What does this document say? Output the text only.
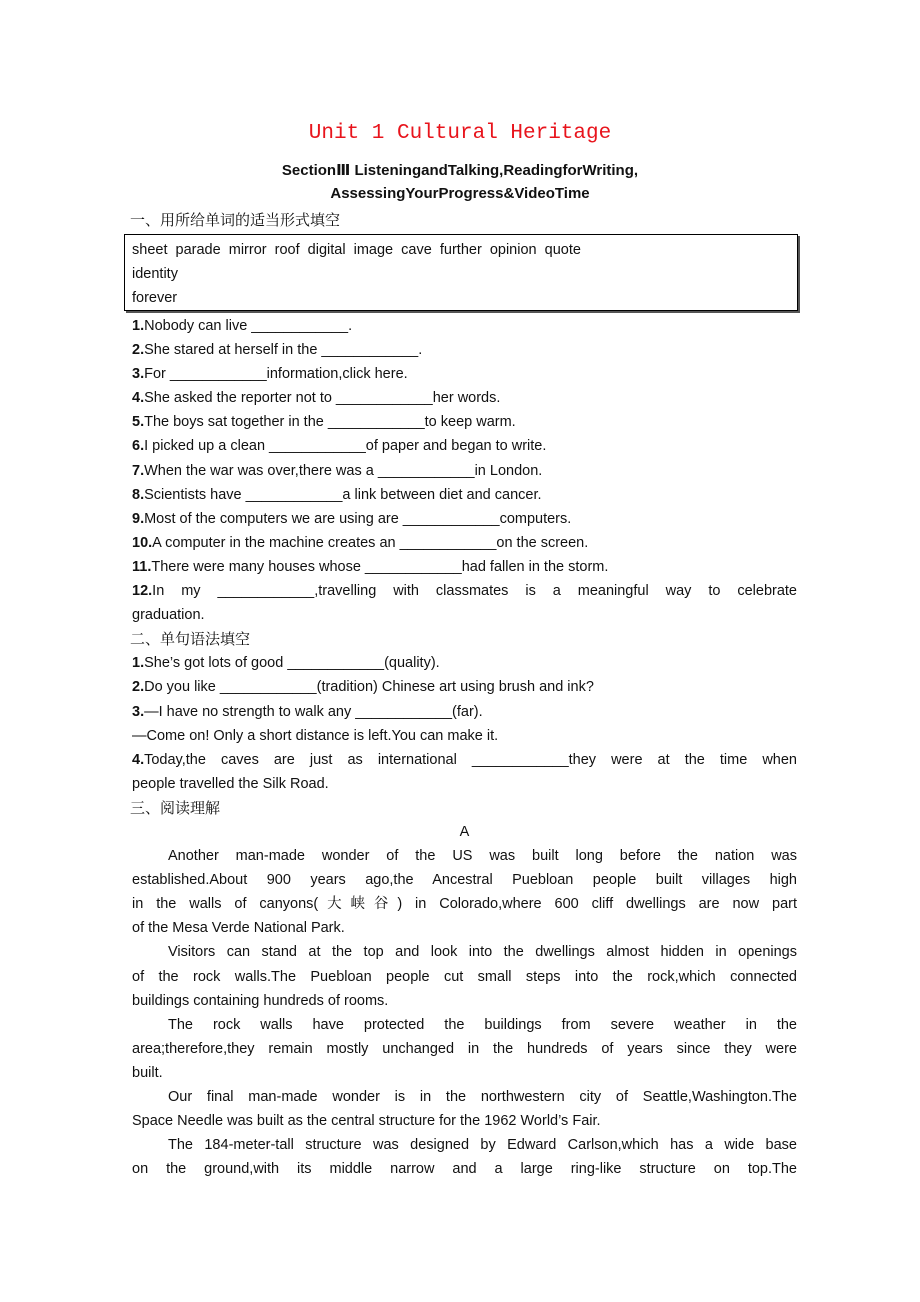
Unit 1 Cultural Heritage
SectionⅢ ListeningandTalking,ReadingforWriting,
AssessingYourProgress&VideoTime
一、用所给单词的适当形式填空
sheet  parade  mirror  roof  digital  image  cave  further  opinion  quote
identity
forever
1.Nobody can live ____________.
2.She stared at herself in the ____________.
3.For ____________information,click here.
4.She asked the reporter not to ____________her words.
5.The boys sat together in the ____________to keep warm.
6.I picked up a clean ____________of paper and began to write.
7.When the war was over,there was a ____________in London.
8.Scientists have ____________a link between diet and cancer.
9.Most of the computers we are using are ____________computers.
10.A computer in the machine creates an ____________on the screen.
11.There were many houses whose ____________had fallen in the storm.
12.In my ____________,travelling with classmates is a meaningful way to celebrate
graduation.
二、单句语法填空
1.She’s got lots of good ____________(quality).
2.Do you like ____________(tradition) Chinese art using brush and ink?
3.—I have no strength to walk any ____________(far).
—Come on! Only a short distance is left.You can make it.
4.Today,the caves are just as international ____________they were at the time when
people travelled the Silk Road.
三、阅读理解
A
Another man-made wonder of the US was built long before the nation was
established.About 900 years ago,the Ancestral Puebloan people built villages high
in the walls of canyons(大峡谷) in Colorado,where 600 cliff dwellings are now part
of the Mesa Verde National Park.
Visitors can stand at the top and look into the dwellings almost hidden in openings
of the rock walls.The Puebloan people cut small steps into the rock,which connected
buildings containing hundreds of rooms.
The rock walls have protected the buildings from severe weather in the
area;therefore,they remain mostly unchanged in the hundreds of years since they were
built.
Our final man-made wonder is in the northwestern city of Seattle,Washington.The
Space Needle was built as the central structure for the 1962 World’s Fair.
The 184-meter-tall structure was designed by Edward Carlson,which has a wide base
on the ground,with its middle narrow and a large ring-like structure on top.The
